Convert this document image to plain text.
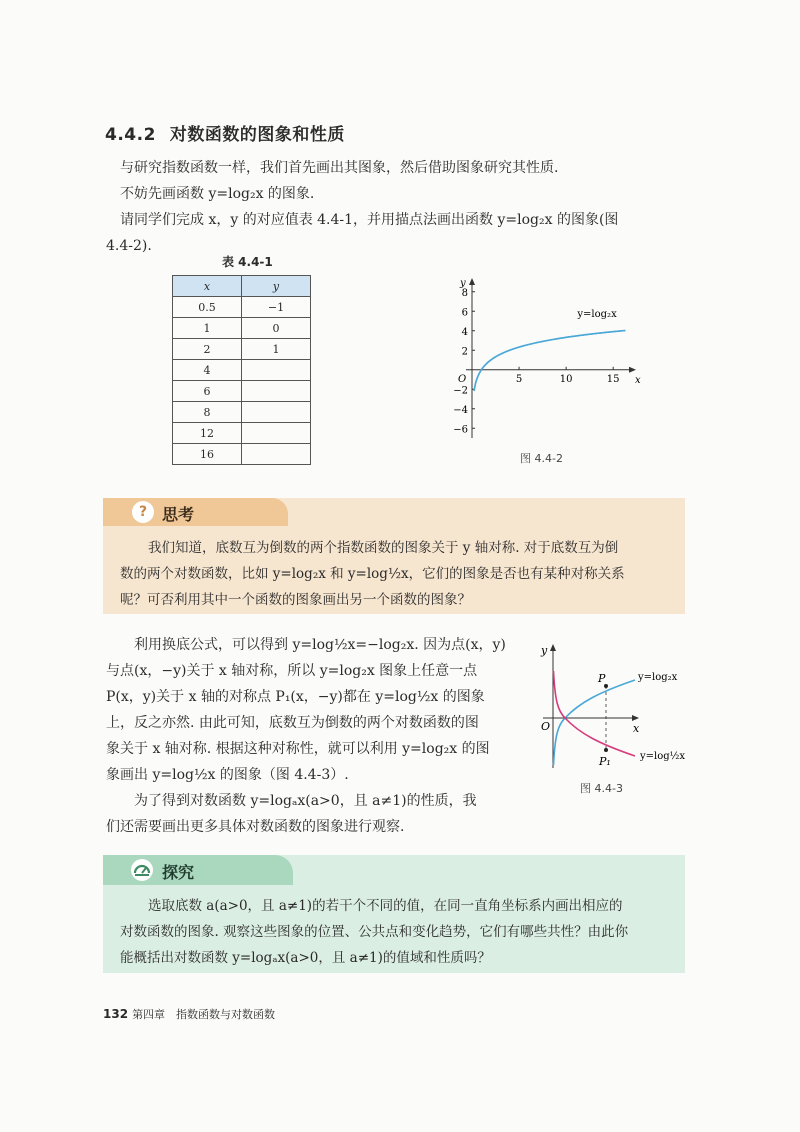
4.4.2 对数函数的图象和性质
与研究指数函数一样，我们首先画出其图象，然后借助图象研究其性质.
不妨先画函数 y=log₂x 的图象.
请同学们完成 x，y 的对应值表 4.4-1，并用描点法画出函数 y=log₂x 的图象(图
4.4-2).
表 4.4-1
x	y
0.5	−1
1	0
2	1
4	
6	
8	
12	
16	
−6
−4
−2
2
4
6
8
5	10	15 x
y
O
y=log₂x
图 4.4-2
? 思考
我们知道，底数互为倒数的两个指数函数的图象关于 y 轴对称. 对于底数互为倒
数的两个对数函数，比如 y=log₂x 和 y=log½x，它们的图象是否也有某种对称关系
呢？可否利用其中一个函数的图象画出另一个函数的图象？
利用换底公式，可以得到 y=log½x=−log₂x. 因为点(x，y)
与点(x，−y)关于 x 轴对称，所以 y=log₂x 图象上任意一点
P(x，y)关于 x 轴的对称点 P₁(x，−y)都在 y=log½x 的图象
上，反之亦然. 由此可知，底数互为倒数的两个对数函数的图
象关于 x 轴对称. 根据这种对称性，就可以利用 y=log₂x 的图
象画出 y=log½x 的图象（图 4.4-3）.
为了得到对数函数 y=logₐx(a>0，且 a≠1)的性质，我
们还需要画出更多具体对数函数的图象进行观察.
y
x
O
P
P₁
y=log₂x
y=log½x
图 4.4-3
探究
选取底数 a(a>0，且 a≠1)的若干个不同的值，在同一直角坐标系内画出相应的
对数函数的图象. 观察这些图象的位置、公共点和变化趋势，它们有哪些共性？由此你
能概括出对数函数 y=logₐx(a>0，且 a≠1)的值域和性质吗？
132 第四章　指数函数与对数函数
